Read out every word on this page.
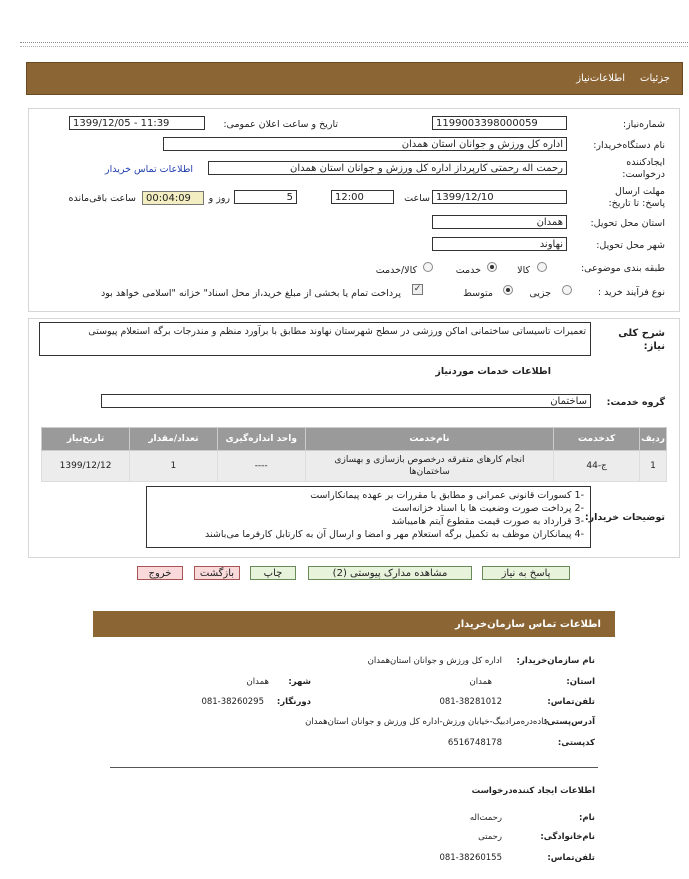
جزئیات
اطلاعات‌نیاز
شماره‌نیاز:
1199003398000059
تاریخ و ساعت اعلان عمومی:
1399/12/05 - 11:39
نام دستگاه‌خریدار:
اداره کل ورزش و جوانان استان همدان
ایجادکننده درخواست:
رحمت اله رحمتی کارپرداز اداره کل ورزش و جوانان استان همدان
اطلاعات تماس خریدار
مهلت ارسال پاسخ: تا تاریخ:
1399/12/10
ساعت
12:00
روز و	5
00:04:09
ساعت باقی‌مانده
استان محل تحویل:
همدان
شهر محل تحویل:
نهاوند
طبقه بندی موضوعی:
کالا
خدمت
کالا/خدمت
نوع فرآیند خرید :
جزیی
متوسط
✓
پرداخت تمام یا بخشی از مبلغ خرید،از محل اسناد" خزانه "اسلامی خواهد بود
شرح کلی نیاز:
تعمیرات تاسیساتی ساختمانی اماکن ورزشی در سطح شهرستان نهاوند مطابق با برآورد منظم و مندرجات برگه استعلام پیوستی
اطلاعات خدمات موردنیاز
گروه خدمت:
ساختمان
تاریخ‌نیاز	تعداد/مقدار	واحد اندازه‌گیری	نام‌خدمت	کدخدمت	ردیف
1399/12/12	1	----	انجام کارهای متفرقه درخصوص بازسازی و بهسازی ساختمان‌ها	ج-44	1
توضیحات خریدار:
-1 کسورات قانونی عمرانی و مطابق با مقررات بر عهده پیمانکاراست
-2 پرداخت صورت وضعیت ها با اسناد خزانه‌است
-3 قرارداد به صورت قیمت مقطوع آیتم هامیباشد
-4 پیمانکاران موظف به تکمیل برگه استعلام مهر و امضا و ارسال آن به کارتابل کارفرما می‌باشند
پاسخ به نیاز
مشاهده مدارک پیوستی (2)
چاپ
بازگشت
خروج
اطلاعات تماس سازمان‌خریدار
نام سازمان‌خریدار:
اداره کل ورزش و جوانان استان‌همدان
استان:
همدان
شهر:
همدان
تلفن‌تماس:
081-38281012
دورنگار:
081-38260295
آدرس‌پستی:
جاده‌دره‌مرادبیگ-خیابان ورزش-اداره کل ورزش و جوانان استان‌همدان
کدپستی:
6516748178
اطلاعات ایجاد کننده‌درخواست
نام:
رحمت‌اله
نام‌خانوادگی:
رحمتی
تلفن‌تماس:
081-38260155
